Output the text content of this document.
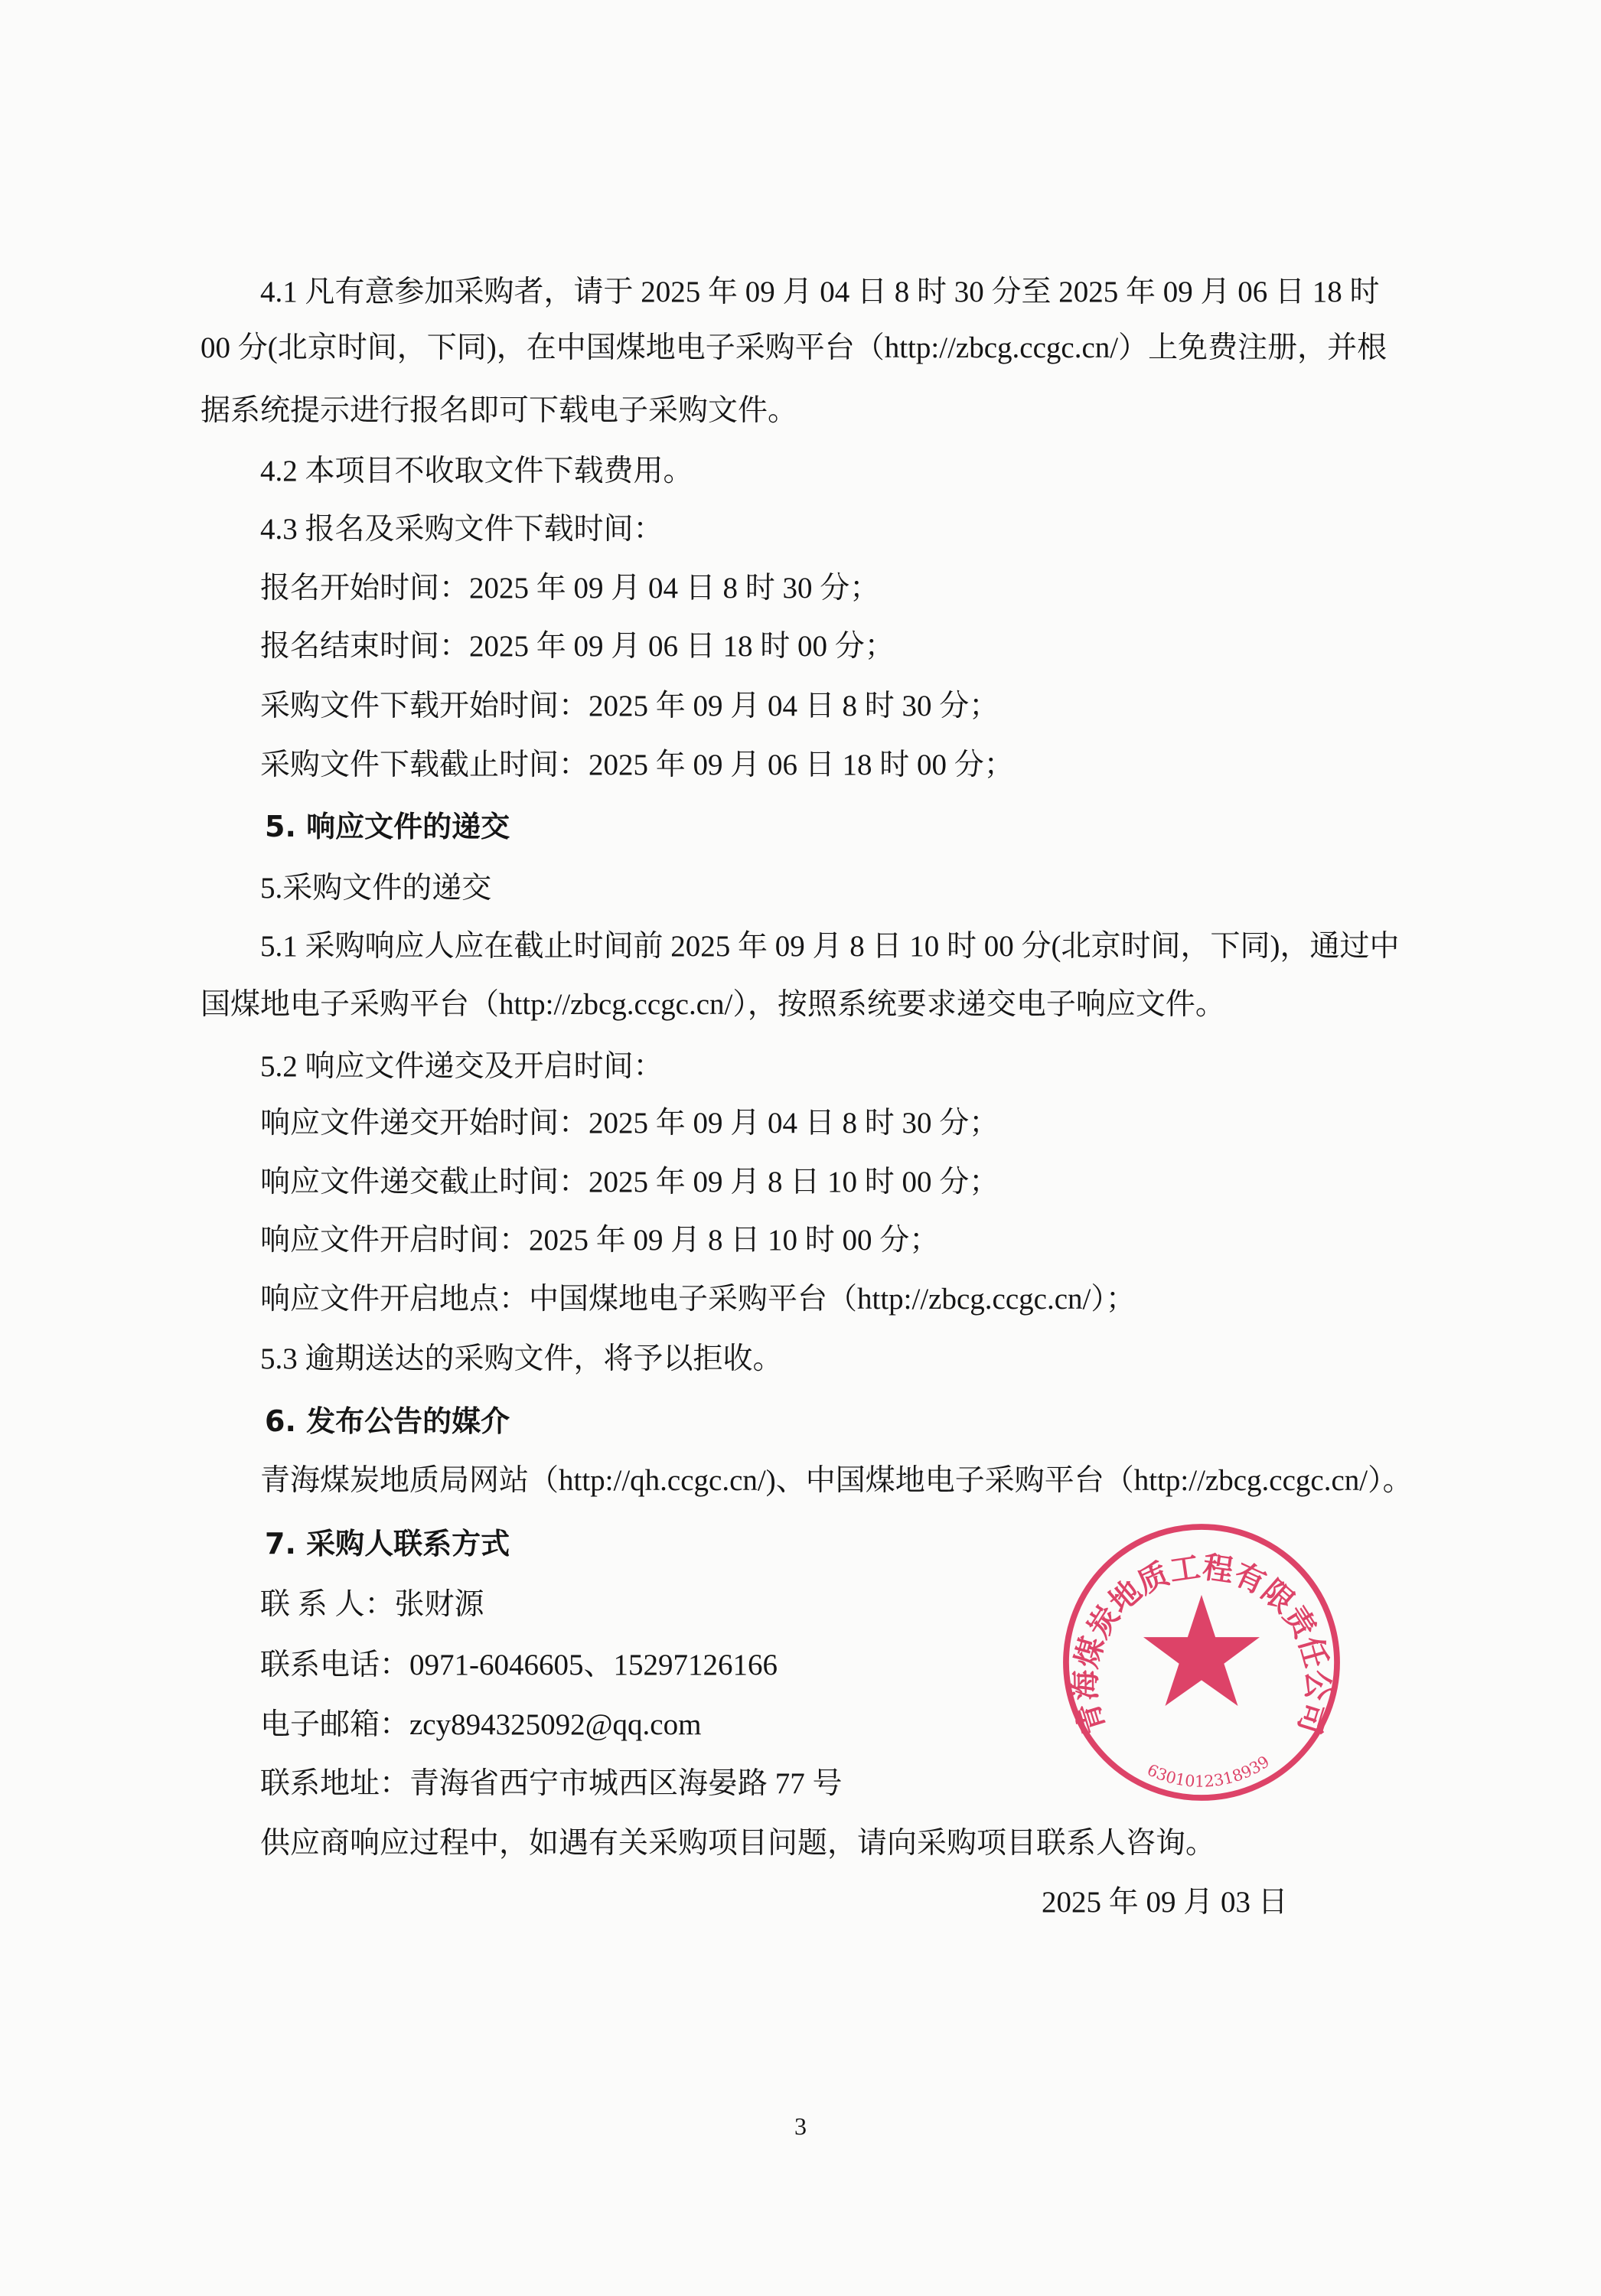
4.1 凡有意参加采购者，请于 2025 年 09 月 04 日 8 时 30 分至 2025 年 09 月 06 日 18 时
00 分(北京时间，下同)，在中国煤地电子采购平台（http://zbcg.ccgc.cn/）上免费注册，并根
据系统提示进行报名即可下载电子采购文件。
4.2 本项目不收取文件下载费用。
4.3 报名及采购文件下载时间：
报名开始时间：2025 年 09 月 04 日 8 时 30 分；
报名结束时间：2025 年 09 月 06 日 18 时 00 分；
采购文件下载开始时间：2025 年 09 月 04 日 8 时 30 分；
采购文件下载截止时间：2025 年 09 月 06 日 18 时 00 分；
5. 响应文件的递交
5.采购文件的递交
5.1 采购响应人应在截止时间前 2025 年 09 月 8 日 10 时 00 分(北京时间，下同)，通过中
国煤地电子采购平台（http://zbcg.ccgc.cn/），按照系统要求递交电子响应文件。
5.2 响应文件递交及开启时间：
响应文件递交开始时间：2025 年 09 月 04 日 8 时 30 分；
响应文件递交截止时间：2025 年 09 月 8 日 10 时 00 分；
响应文件开启时间：2025 年 09 月 8 日 10 时 00 分；
响应文件开启地点：中国煤地电子采购平台（http://zbcg.ccgc.cn/）；
5.3 逾期送达的采购文件，将予以拒收。
6. 发布公告的媒介
青海煤炭地质局网站（http://qh.ccgc.cn/)、中国煤地电子采购平台（http://zbcg.ccgc.cn/）。
7. 采购人联系方式
联 系 人：张财源
联系电话：0971-6046605、15297126166
电子邮箱：zcy894325092@qq.com
联系地址：青海省西宁市城西区海晏路 77 号
供应商响应过程中，如遇有关采购项目问题，请向采购项目联系人咨询。
2025 年 09 月 03 日
青海煤炭地质工程有限责任公司
6301012318939
3
